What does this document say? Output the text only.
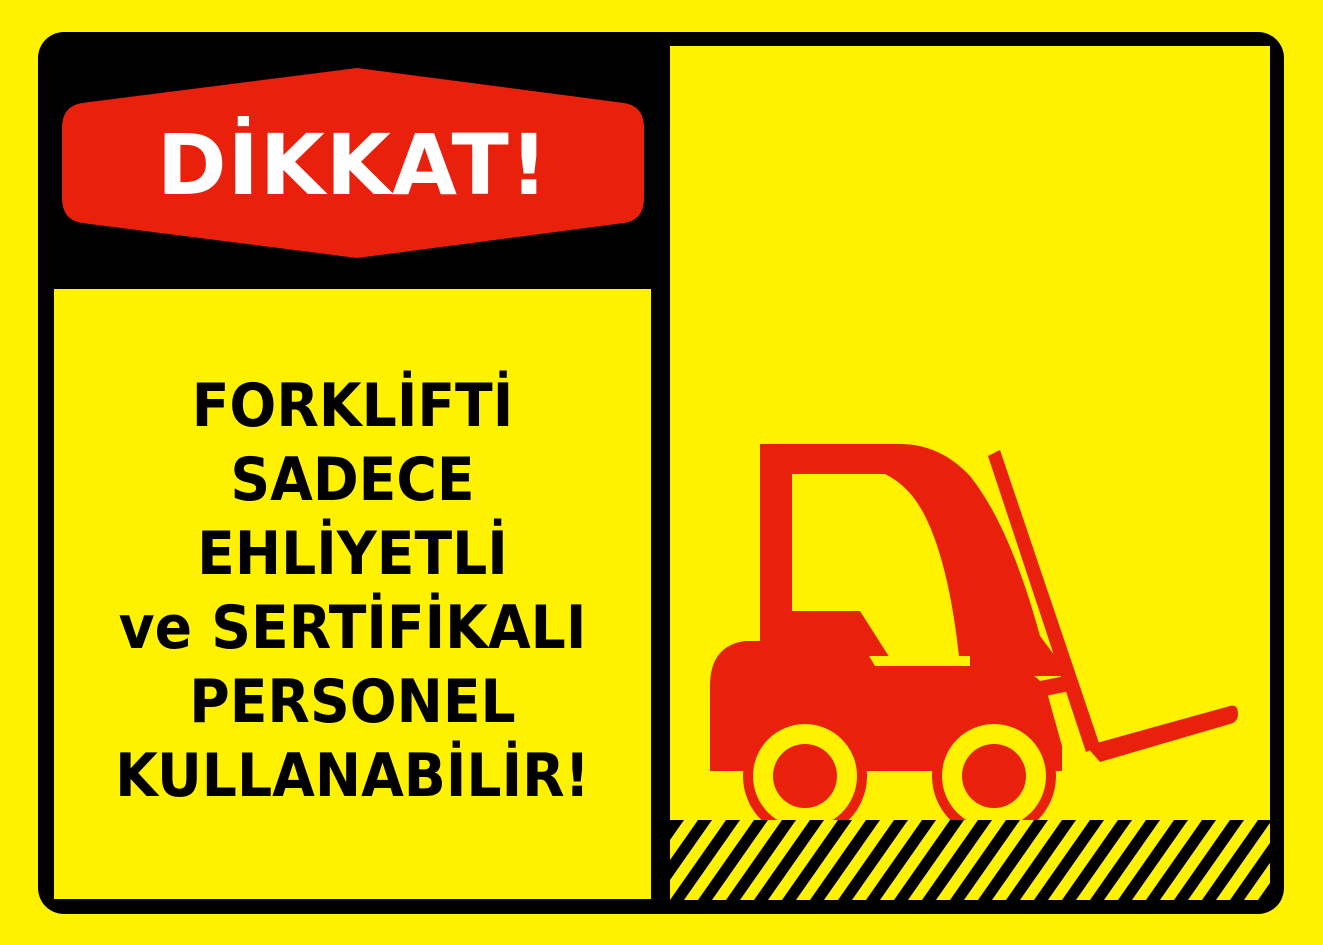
DİKKAT!
FORKLİFTİ
SADECE
EHLİYETLİ
ve SERTİFİKALI
PERSONEL
KULLANABİLİR!
